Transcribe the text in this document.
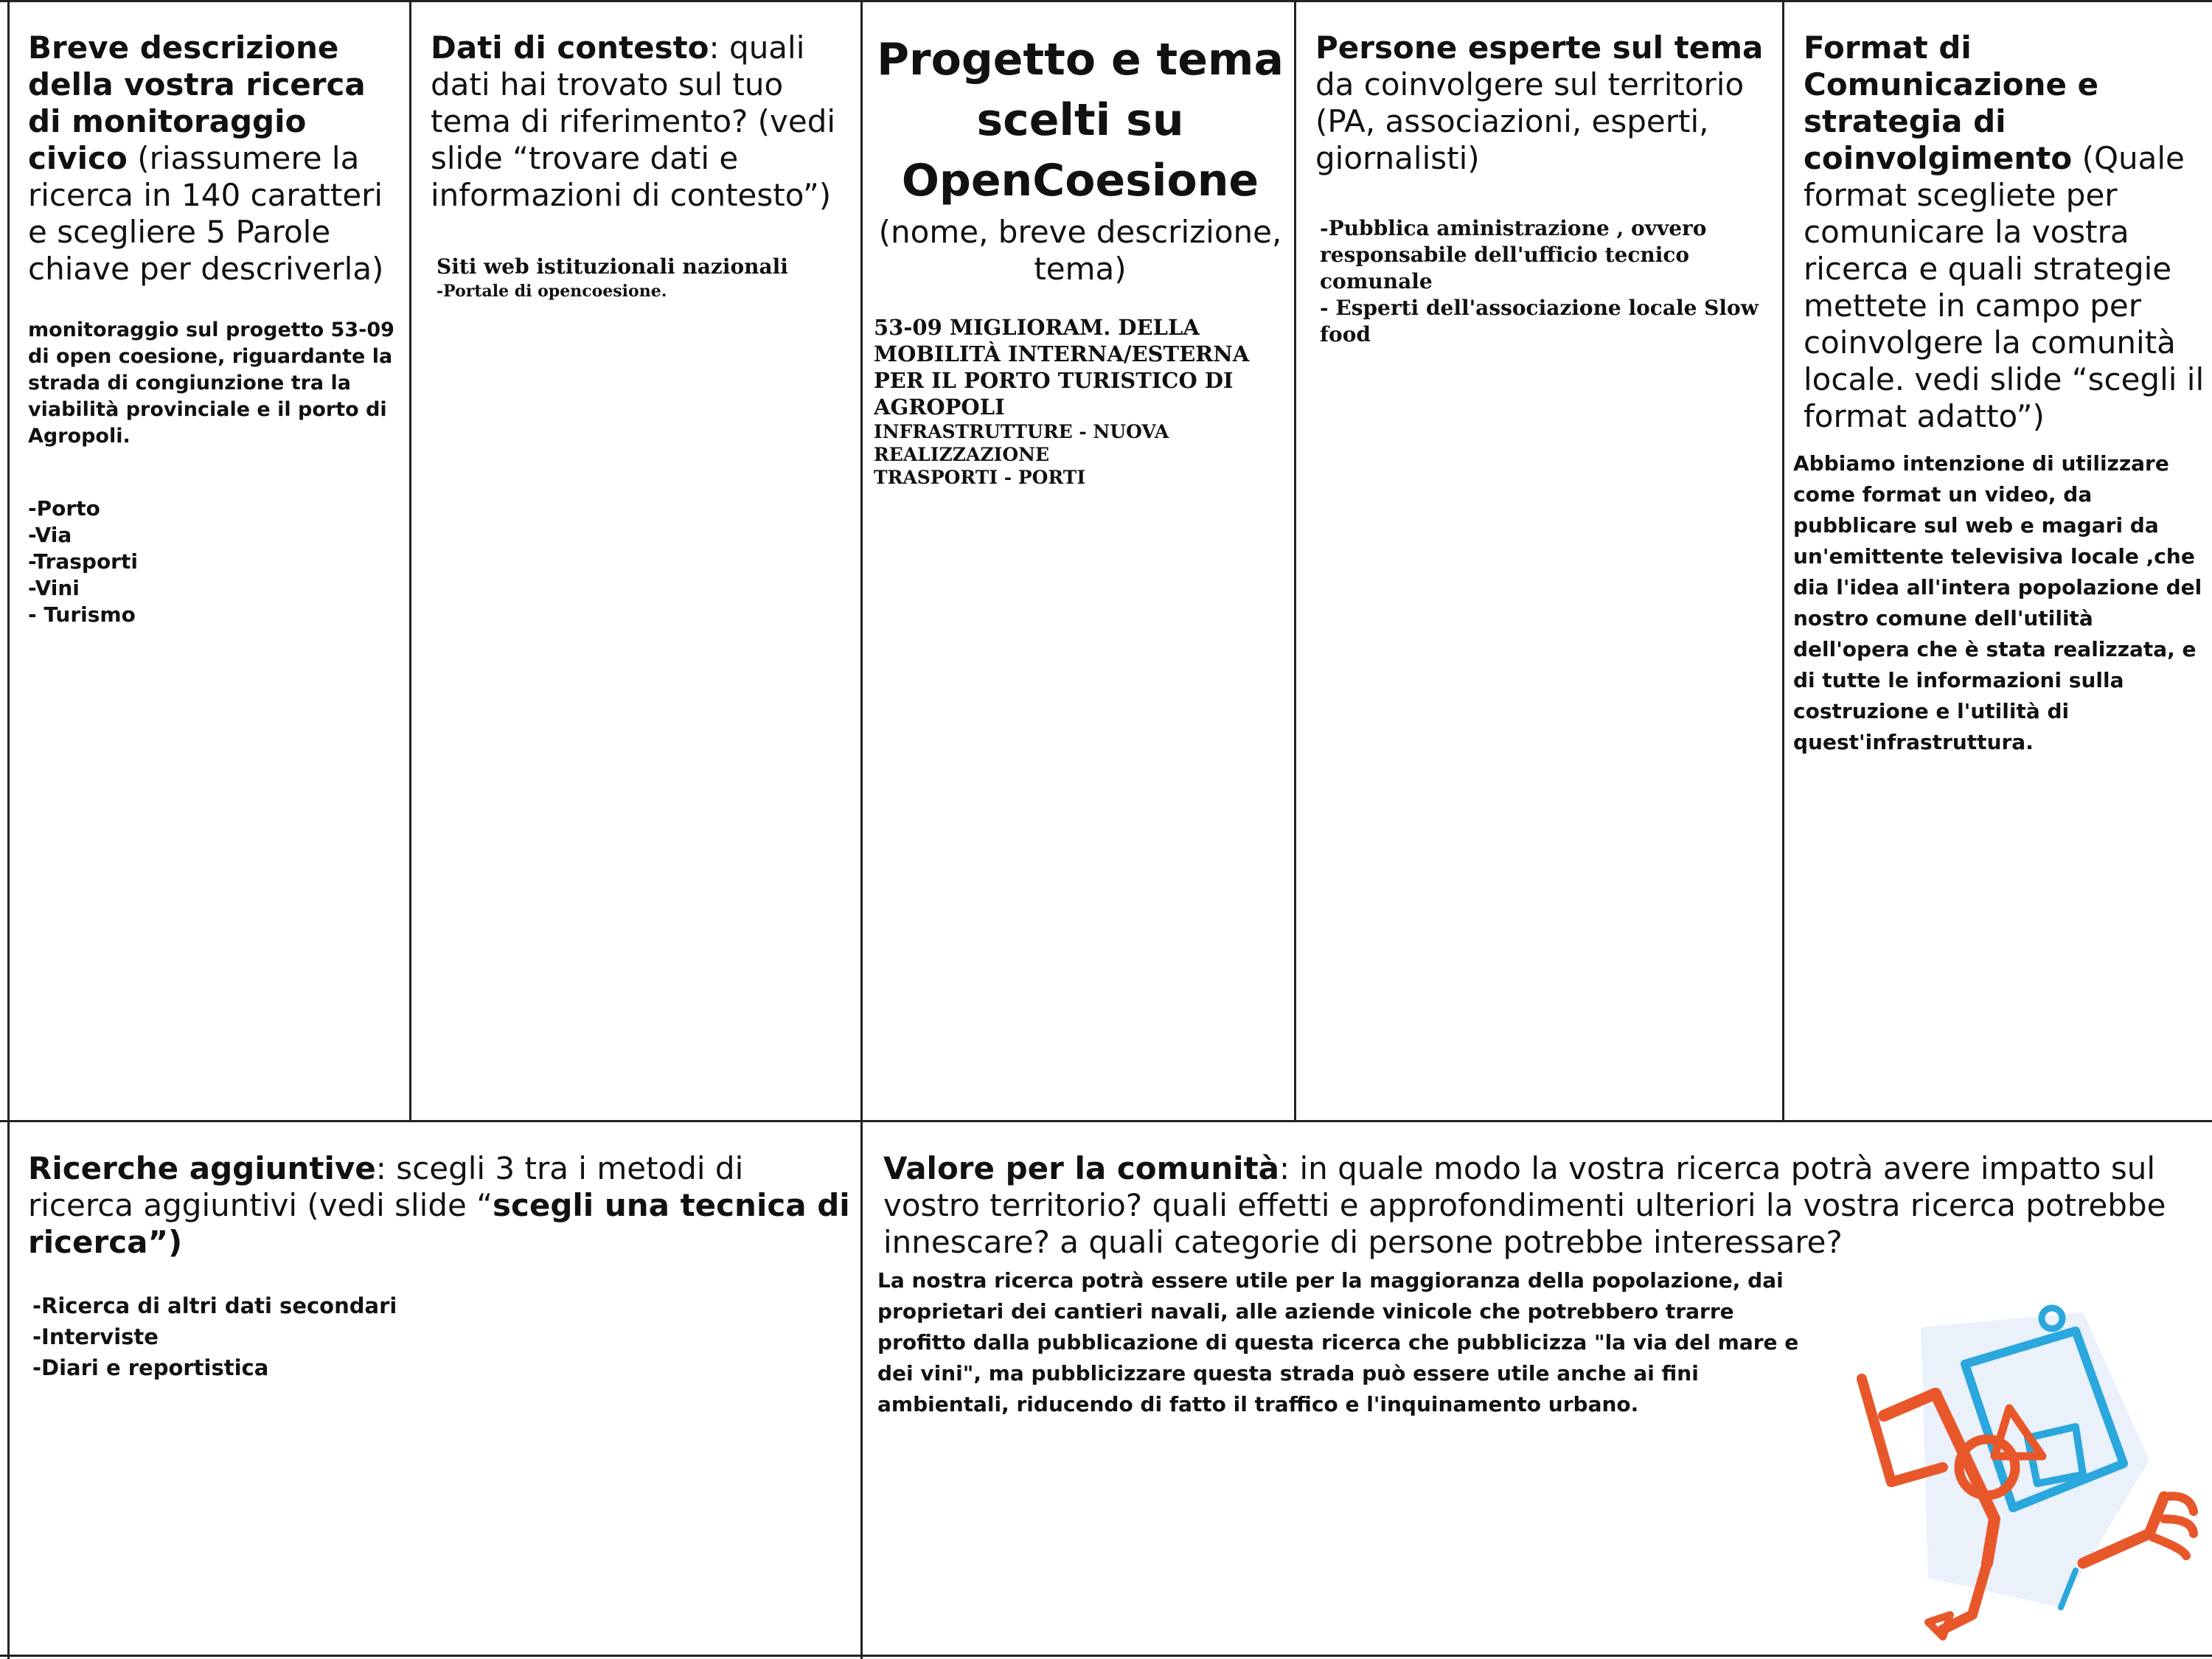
Breve descrizione della vostra ricerca di monitoraggio civico (riassumere la ricerca in 140 caratteri e scegliere 5 Parole chiave per descriverla)

monitoraggio sul progetto 53-09 di open coesione, riguardante la strada di congiunzione tra la viabilità provinciale e il porto di Agropoli.

-Porto
-Via
-Trasporti
-Vini
- Turismo

Dati di contesto: quali dati hai trovato sul tuo tema di riferimento? (vedi slide “trovare dati e informazioni di contesto”)

Siti web istituzionali nazionali

-Portale di opencoesione.

Progetto e tema scelti su OpenCoesione

(nome, breve descrizione, tema)

53-09 MIGLIORAM. DELLA MOBILITÀ INTERNA/ESTERNA PER IL PORTO TURISTICO DI AGROPOLI

INFRASTRUTTURE - NUOVA REALIZZAZIONE

TRASPORTI - PORTI

Persone esperte sul tema da coinvolgere sul territorio (PA, associazioni, esperti, giornalisti)

-Pubblica aministrazione , ovvero responsabile dell'ufficio tecnico comunale

- Esperti dell'associazione locale Slow food

Format di Comunicazione e strategia di coinvolgimento (Quale format scegliete per comunicare la vostra ricerca e quali strategie mettete in campo per coinvolgere la comunità locale. vedi slide “scegli il format adatto”)

Abbiamo intenzione di utilizzare come format un video, da pubblicare sul web e magari da un'emittente televisiva locale ,che dia l'idea all'intera popolazione del nostro comune dell'utilità dell'opera che è stata realizzata, e di tutte le informazioni sulla costruzione e l'utilità di quest'infrastruttura.

Ricerche aggiuntive: scegli 3 tra i metodi di ricerca aggiuntivi (vedi slide “scegli una tecnica di ricerca”)

-Ricerca di altri dati secondari
-Interviste
-Diari e reportistica

Valore per la comunità: in quale modo la vostra ricerca potrà avere impatto sul vostro territorio? quali effetti e approfondimenti ulteriori la vostra ricerca potrebbe innescare? a quali categorie di persone potrebbe interessare?

La nostra ricerca potrà essere utile per la maggioranza della popolazione, dai proprietari dei cantieri navali, alle aziende vinicole che potrebbero trarre profitto dalla pubblicazione di questa ricerca che pubblicizza "la via del mare e dei vini", ma pubblicizzare questa strada può essere utile anche ai fini ambientali, riducendo di fatto il traffico e l'inquinamento urbano.
